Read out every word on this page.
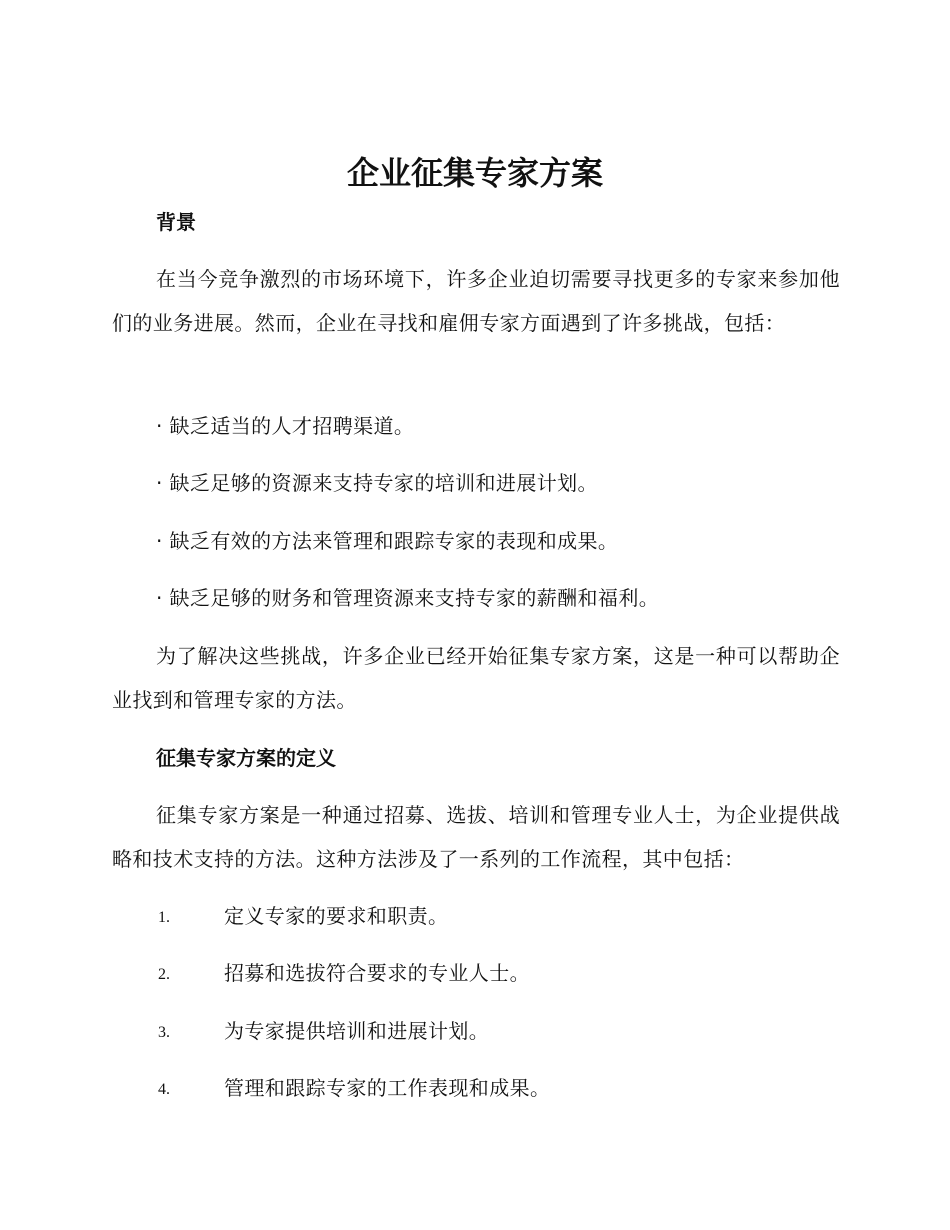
企业征集专家方案
背景
在当今竞争激烈的市场环境下，许多企业迫切需要寻找更多的专家来参加他们的业务进展。然而，企业在寻找和雇佣专家方面遇到了许多挑战，包括：
· 缺乏适当的人才招聘渠道。
· 缺乏足够的资源来支持专家的培训和进展计划。
· 缺乏有效的方法来管理和跟踪专家的表现和成果。
· 缺乏足够的财务和管理资源来支持专家的薪酬和福利。
为了解决这些挑战，许多企业已经开始征集专家方案，这是一种可以帮助企业找到和管理专家的方法。
征集专家方案的定义
征集专家方案是一种通过招募、选拔、培训和管理专业人士，为企业提供战略和技术支持的方法。这种方法涉及了一系列的工作流程，其中包括：
1.	定义专家的要求和职责。
2.	招募和选拔符合要求的专业人士。
3.	为专家提供培训和进展计划。
4.	管理和跟踪专家的工作表现和成果。
